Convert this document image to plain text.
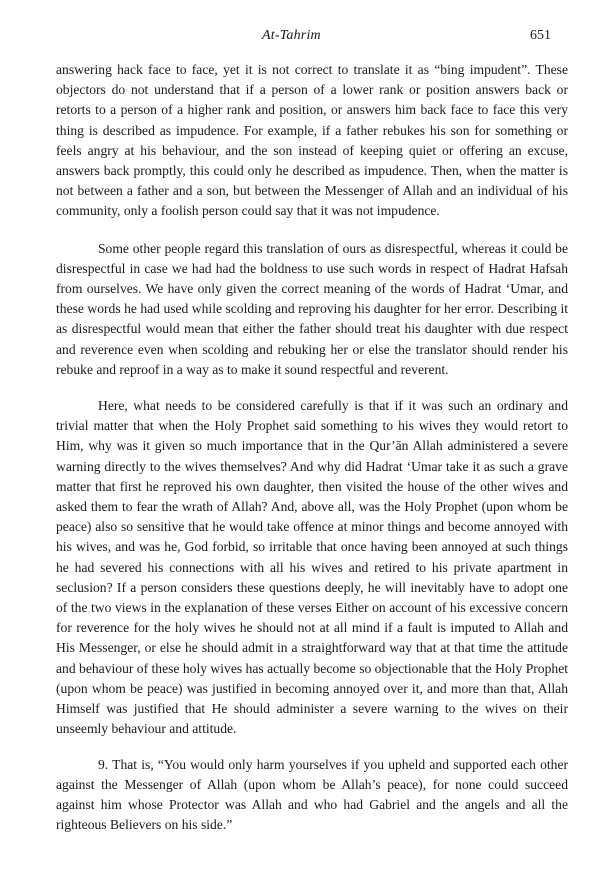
At-Tahrim	651

answering hack face to face, yet it is not correct to translate it as “bing impudent”. These objectors do not understand that if a person of a lower rank or position answers back or retorts to a person of a higher rank and position, or answers him back face to face this very thing is described as impudence. For example, if a father rebukes his son for something or feels angry at his behaviour, and the son instead of keeping quiet or offering an excuse, answers back promptly, this could only he described as impudence. Then, when the matter is not between a father and a son, but between the Messenger of Allah and an individual of his community, only a foolish person could say that it was not impudence.

Some other people regard this translation of ours as disrespectful, whereas it could be disrespectful in case we had had the boldness to use such words in respect of Hadrat Hafsah from ourselves. We have only given the correct meaning of the words of Hadrat ‘Umar, and these words he had used while scolding and reproving his daughter for her error. Describing it as disrespectful would mean that either the father should treat his daughter with due respect and reverence even when scolding and rebuking her or else the translator should render his rebuke and reproof in a way as to make it sound respectful and reverent.

Here, what needs to be considered carefully is that if it was such an ordinary and trivial matter that when the Holy Prophet said something to his wives they would retort to Him, why was it given so much importance that in the Qur’ān Allah administered a severe warning directly to the wives themselves? And why did Hadrat ‘Umar take it as such a grave matter that first he reproved his own daughter, then visited the house of the other wives and asked them to fear the wrath of Allah? And, above all, was the Holy Prophet (upon whom be peace) also so sensitive that he would take offence at minor things and become annoyed with his wives, and was he, God forbid, so irritable that once having been annoyed at such things he had severed his connections with all his wives and retired to his private apartment in seclusion? If a person considers these questions deeply, he will inevitably have to adopt one of the two views in the explanation of these verses Either on account of his excessive concern for reverence for the holy wives he should not at all mind if a fault is imputed to Allah and His Messenger, or else he should admit in a straightforward way that at that time the attitude and behaviour of these holy wives has actually become so objectionable that the Holy Prophet (upon whom be peace) was justified in becoming annoyed over it, and more than that, Allah Himself was justified that He should administer a severe warning to the wives on their unseemly behaviour and attitude.

9. That is, “You would only harm yourselves if you upheld and supported each other against the Messenger of Allah (upon whom be Allah’s peace), for none could succeed against him whose Protector was Allah and who had Gabriel and the angels and all the righteous Believers on his side.”
